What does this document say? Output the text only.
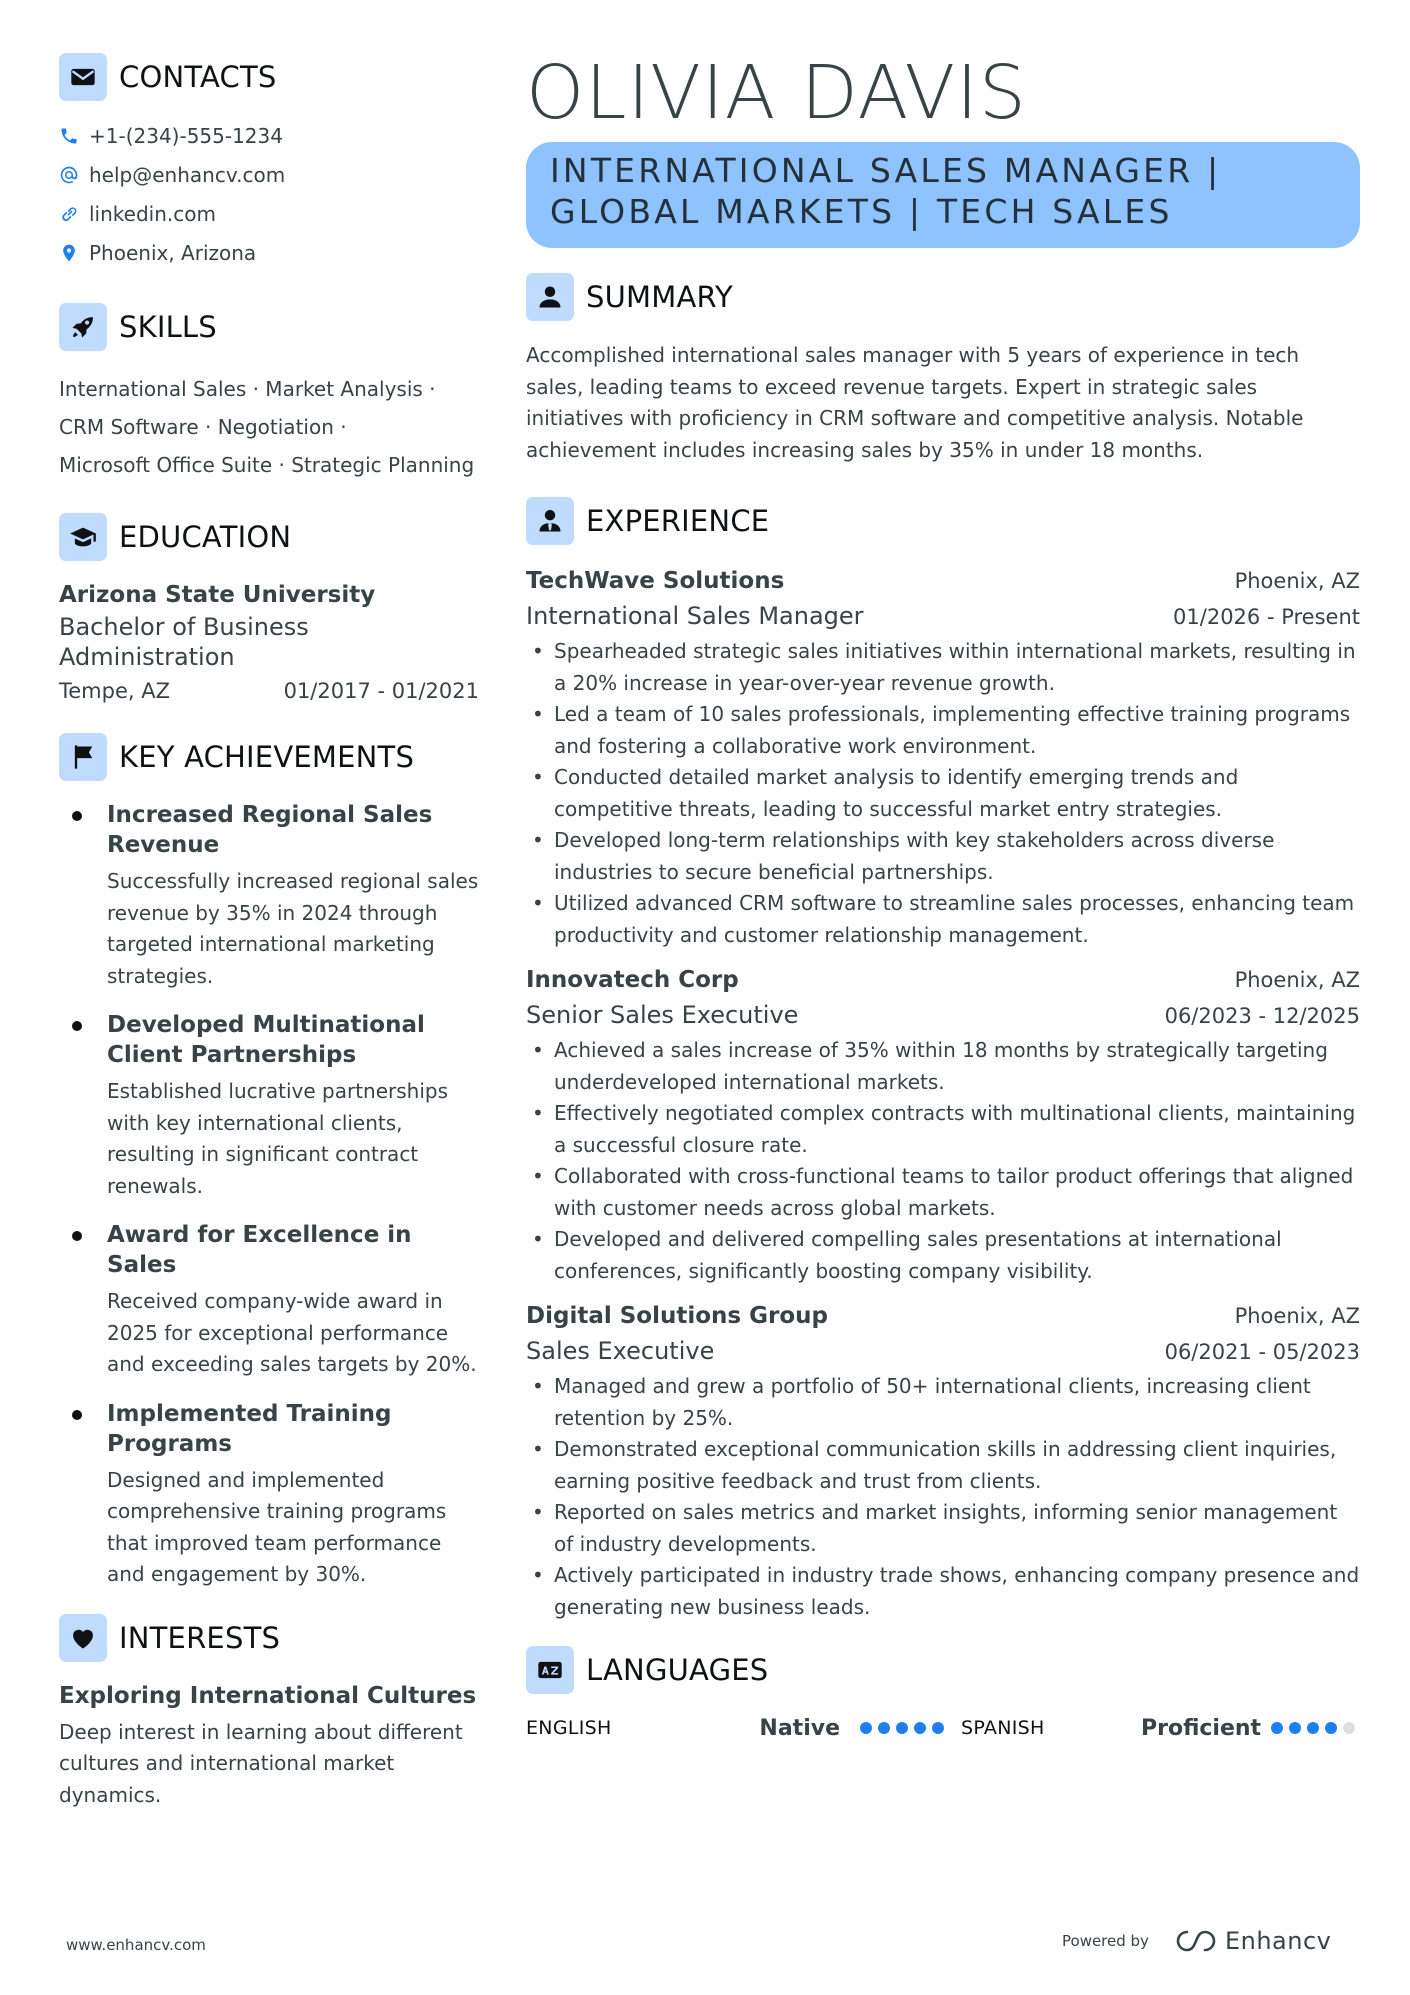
CONTACTS
+1-(234)-555-1234
help@enhancv.com
linkedin.com
Phoenix, Arizona
SKILLS
International Sales · Market Analysis ·
CRM Software · Negotiation ·
Microsoft Office Suite · Strategic Planning
EDUCATION
Arizona State University
Bachelor of Business Administration
Tempe, AZ	01/2017 - 01/2021
KEY ACHIEVEMENTS
Increased Regional Sales Revenue
Successfully increased regional sales revenue by 35% in 2024 through targeted international marketing strategies.
Developed Multinational Client Partnerships
Established lucrative partnerships with key international clients, resulting in significant contract renewals.
Award for Excellence in Sales
Received company-wide award in 2025 for exceptional performance and exceeding sales targets by 20%.
Implemented Training Programs
Designed and implemented comprehensive training programs that improved team performance and engagement by 30%.
INTERESTS
Exploring International Cultures
Deep interest in learning about different cultures and international market dynamics.
OLIVIA DAVIS
INTERNATIONAL SALES MANAGER |
GLOBAL MARKETS | TECH SALES
SUMMARY
Accomplished international sales manager with 5 years of experience in tech sales, leading teams to exceed revenue targets. Expert in strategic sales initiatives with proficiency in CRM software and competitive analysis. Notable achievement includes increasing sales by 35% in under 18 months.
EXPERIENCE
TechWave Solutions	Phoenix, AZ
International Sales Manager	01/2026 - Present
• Spearheaded strategic sales initiatives within international markets, resulting in a 20% increase in year-over-year revenue growth.
• Led a team of 10 sales professionals, implementing effective training programs and fostering a collaborative work environment.
• Conducted detailed market analysis to identify emerging trends and competitive threats, leading to successful market entry strategies.
• Developed long-term relationships with key stakeholders across diverse industries to secure beneficial partnerships.
• Utilized advanced CRM software to streamline sales processes, enhancing team productivity and customer relationship management.
Innovatech Corp	Phoenix, AZ
Senior Sales Executive	06/2023 - 12/2025
• Achieved a sales increase of 35% within 18 months by strategically targeting underdeveloped international markets.
• Effectively negotiated complex contracts with multinational clients, maintaining a successful closure rate.
• Collaborated with cross-functional teams to tailor product offerings that aligned with customer needs across global markets.
• Developed and delivered compelling sales presentations at international conferences, significantly boosting company visibility.
Digital Solutions Group	Phoenix, AZ
Sales Executive	06/2021 - 05/2023
• Managed and grew a portfolio of 50+ international clients, increasing client retention by 25%.
• Demonstrated exceptional communication skills in addressing client inquiries, earning positive feedback and trust from clients.
• Reported on sales metrics and market insights, informing senior management of industry developments.
• Actively participated in industry trade shows, enhancing company presence and generating new business leads.
LANGUAGES
ENGLISH	Native	SPANISH	Proficient
www.enhancv.com	Powered by	Enhancv
